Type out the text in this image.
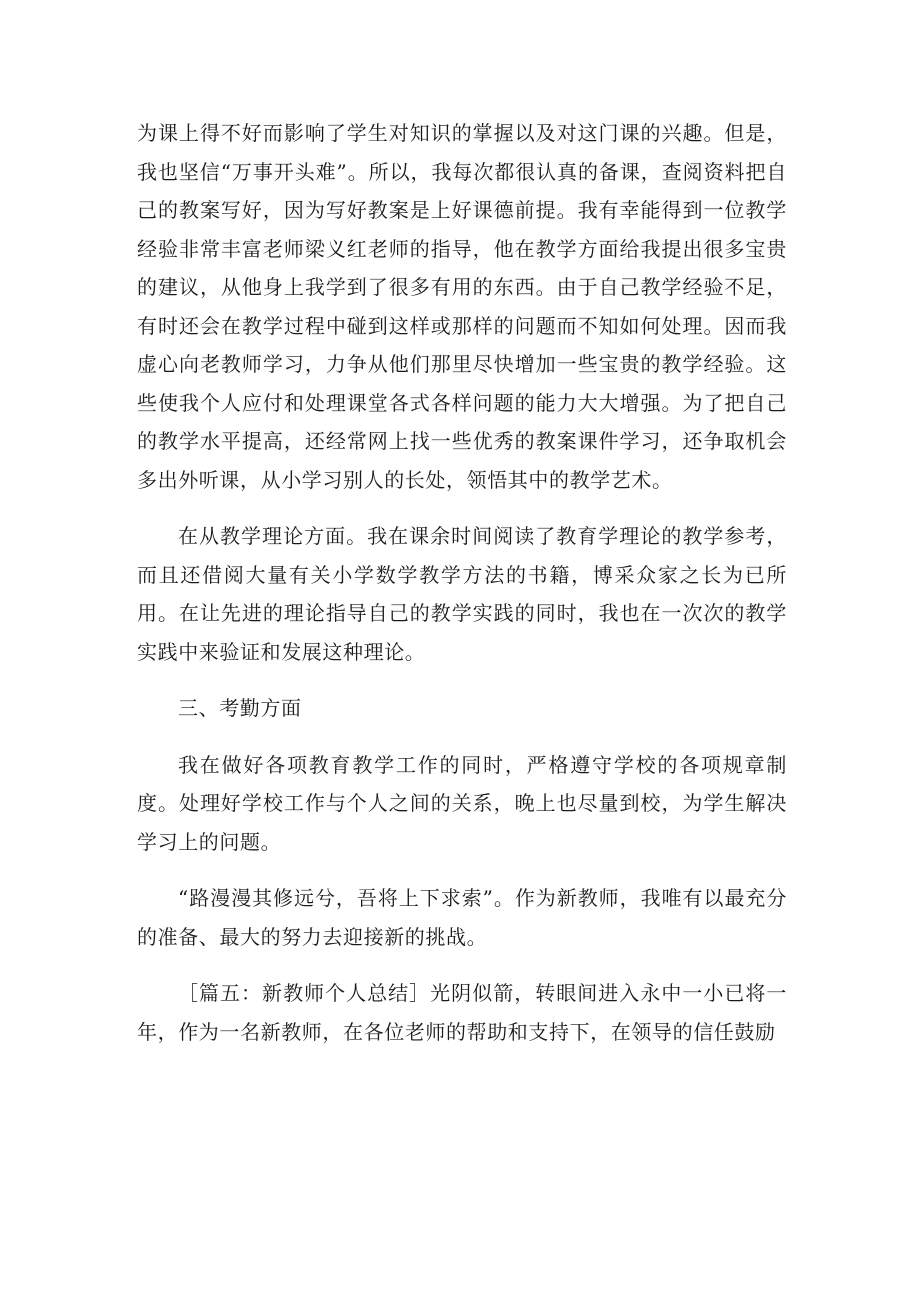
为课上得不好而影响了学生对知识的掌握以及对这门课的兴趣。但是，我也坚信“万事开头难”。所以，我每次都很认真的备课，查阅资料把自己的教案写好，因为写好教案是上好课德前提。我有幸能得到一位教学经验非常丰富老师梁义红老师的指导，他在教学方面给我提出很多宝贵的建议，从他身上我学到了很多有用的东西。由于自己教学经验不足，有时还会在教学过程中碰到这样或那样的问题而不知如何处理。因而我虚心向老教师学习，力争从他们那里尽快增加一些宝贵的教学经验。这些使我个人应付和处理课堂各式各样问题的能力大大增强。为了把自己的教学水平提高，还经常网上找一些优秀的教案课件学习，还争取机会多出外听课，从小学习别人的长处，领悟其中的教学艺术。

在从教学理论方面。我在课余时间阅读了教育学理论的教学参考，而且还借阅大量有关小学数学教学方法的书籍，博采众家之长为已所用。在让先进的理论指导自己的教学实践的同时，我也在一次次的教学实践中来验证和发展这种理论。

三、考勤方面

我在做好各项教育教学工作的同时，严格遵守学校的各项规章制度。处理好学校工作与个人之间的关系，晚上也尽量到校，为学生解决学习上的问题。

“路漫漫其修远兮，吾将上下求索”。作为新教师，我唯有以最充分的准备、最大的努力去迎接新的挑战。

［篇五：新教师个人总结］光阴似箭，转眼间进入永中一小已将一年，作为一名新教师，在各位老师的帮助和支持下，在领导的信任鼓励
